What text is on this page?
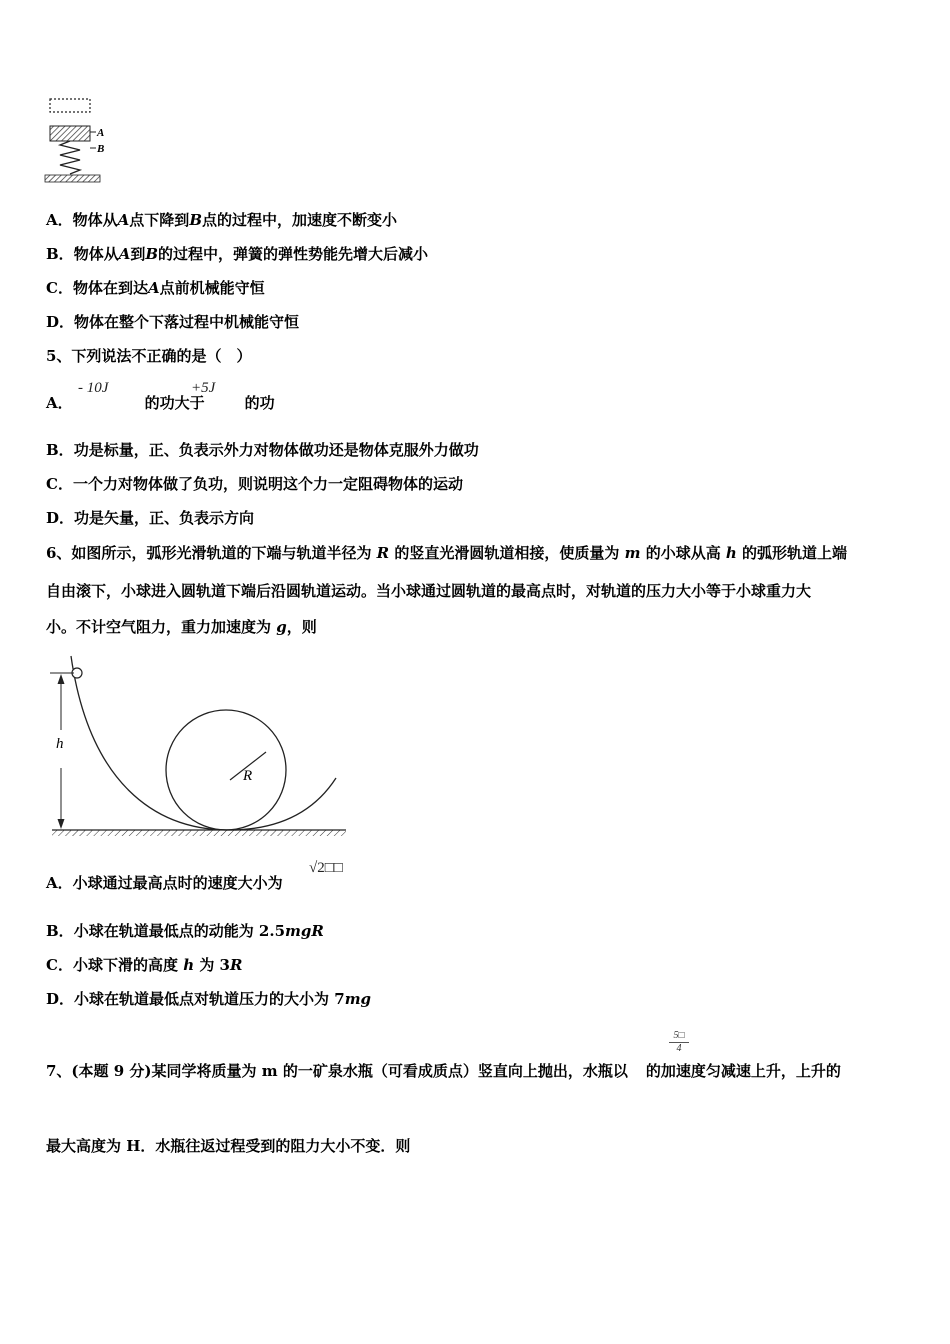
A
B
A．物体从A点下降到B点的过程中，加速度不断变小
B．物体从A到B的过程中，弹簧的弹性势能先增大后减小
C．物体在到达A点前机械能守恒
D．物体在整个下落过程中机械能守恒
5、下列说法不正确的是（　）
A．	的功大于	的功
- 10J	+5J
B．功是标量，正、负表示外力对物体做功还是物体克服外力做功
C．一个力对物体做了负功，则说明这个力一定阻碍物体的运动
D．功是矢量，正、负表示方向
6、如图所示，弧形光滑轨道的下端与轨道半径为 R 的竖直光滑圆轨道相接，使质量为 m 的小球从高 h 的弧形轨道上端
自由滚下，小球进入圆轨道下端后沿圆轨道运动。当小球通过圆轨道的最高点时，对轨道的压力大小等于小球重力大
小。不计空气阻力，重力加速度为 g，则
R
h
A．小球通过最高点时的速度大小为
√2□□
B．小球在轨道最低点的动能为 2.5mgR
C．小球下滑的高度 h 为 3R
D．小球在轨道最低点对轨道压力的大小为 7mg
7、(本题 9 分)某同学将质量为 m 的一矿泉水瓶（可看成质点）竖直向上抛出，水瓶以 的加速度匀减速上升，上升的
$\frac{5□}{4}$
最大高度为 H．水瓶往返过程受到的阻力大小不变．则
